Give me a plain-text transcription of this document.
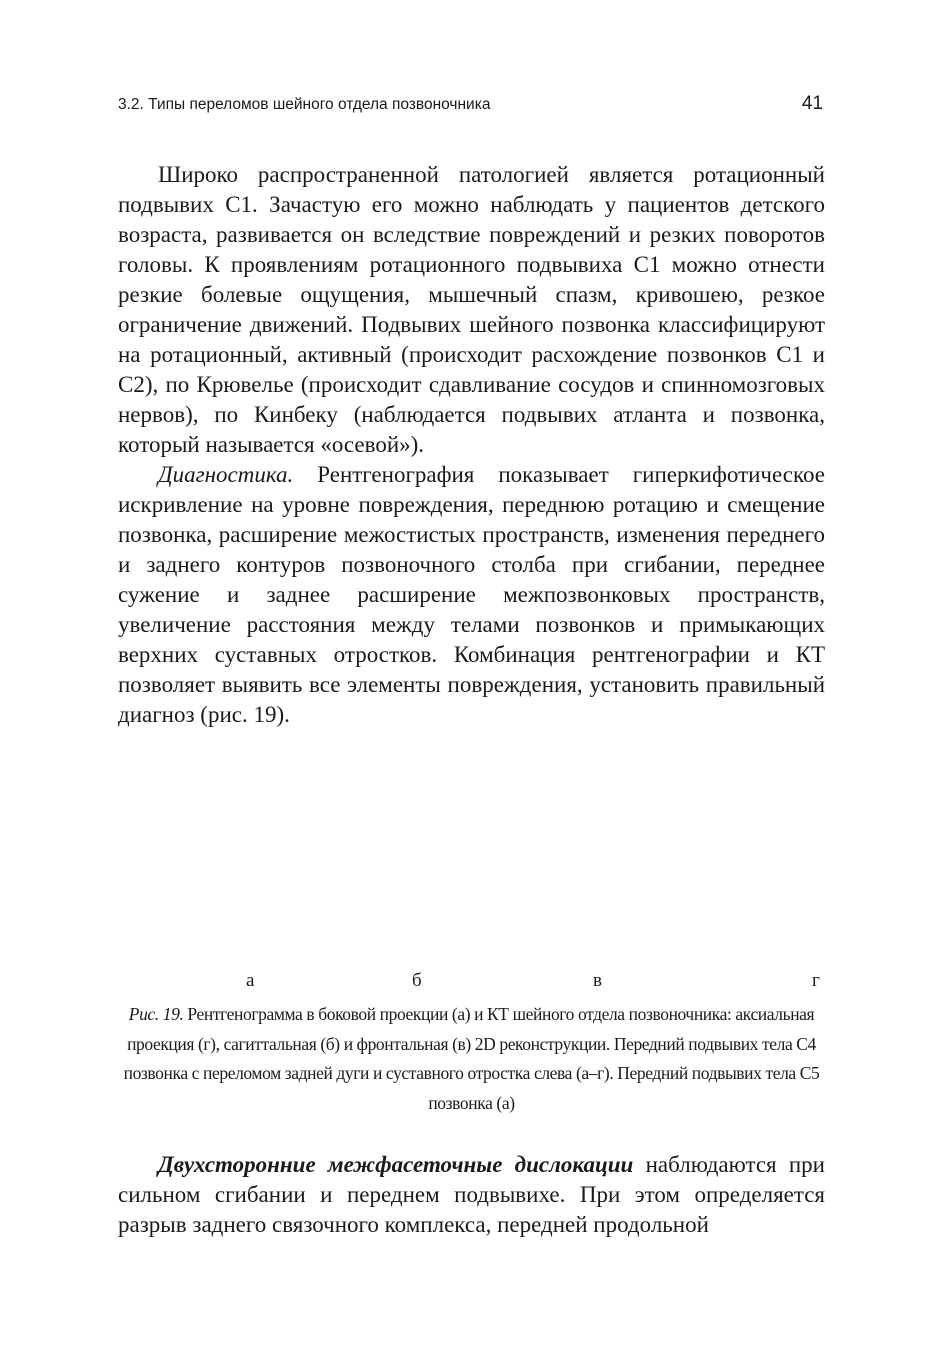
3.2. Типы переломов шейного отдела позвоночника	41

Широко распространенной патологией является ротационный подвывих С1. Зачастую его можно наблюдать у пациентов детского возраста, развивается он вследствие повреждений и резких поворотов головы. К проявлениям ротационного подвывиха С1 можно отнести резкие болевые ощущения, мышечный спазм, кривошею, резкое ограничение движений. Подвывих шейного позвонка классифицируют на ротационный, активный (происходит расхождение позвонков С1 и С2), по Крювелье (происходит сдавливание сосудов и спинномозговых нервов), по Кинбеку (наблюдается подвывих атланта и позвонка, который называется «осевой»).

Диагностика. Рентгенография показывает гиперкифотическое искривление на уровне повреждения, переднюю ротацию и смещение позвонка, расширение межостистых пространств, изменения переднего и заднего контуров позвоночного столба при сгибании, переднее сужение и заднее расширение межпозвонковых пространств, увеличение расстояния между телами позвонков и примыкающих верхних суставных отростков. Комбинация рентгенографии и КТ позволяет выявить все элементы повреждения, установить правильный диагноз (рис. 19).

а	б	в	г
Рис. 19. Рентгенограмма в боковой проекции (а) и КТ шейного отдела позвоночника: аксиальная проекция (г), сагиттальная (б) и фронтальная (в) 2D реконструкции. Передний подвывих тела С4 позвонка с переломом задней дуги и суставного отростка слева (а–г). Передний подвывих тела С5 позвонка (а)

Двухсторонние межфасеточные дислокации наблюдаются при сильном сгибании и переднем подвывихе. При этом определяется разрыв заднего связочного комплекса, передней продольной
